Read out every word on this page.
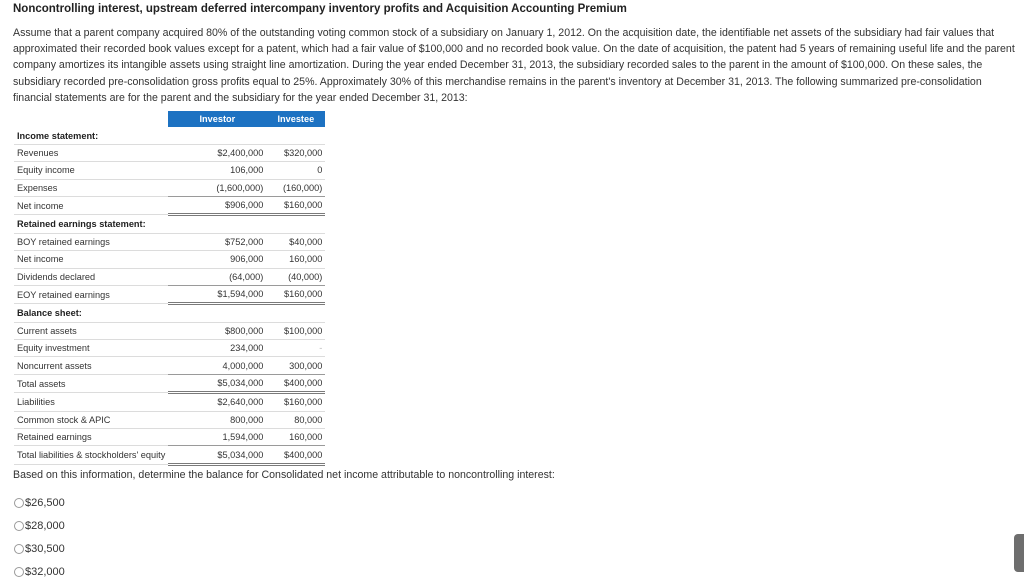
Noncontrolling interest, upstream deferred intercompany inventory profits and Acquisition Accounting Premium

Assume that a parent company acquired 80% of the outstanding voting common stock of a subsidiary on January 1, 2012. On the acquisition date, the identifiable net assets of the subsidiary had fair values that approximated their recorded book values except for a patent, which had a fair value of $100,000 and no recorded book value. On the date of acquisition, the patent had 5 years of remaining useful life and the parent company amortizes its intangible assets using straight line amortization. During the year ended December 31, 2013, the subsidiary recorded sales to the parent in the amount of $100,000. On these sales, the subsidiary recorded pre-consolidation gross profits equal to 25%. Approximately 30% of this merchandise remains in the parent's inventory at December 31, 2013. The following summarized pre-consolidation financial statements are for the parent and the subsidiary for the year ended December 31, 2013:

	Investor	Investee
Income statement:		
Revenues	$2,400,000	$320,000
Equity income	106,000	0
Expenses	(1,600,000)	(160,000)
Net income	$906,000	$160,000
Retained earnings statement:		
BOY retained earnings	$752,000	$40,000
Net income	906,000	160,000
Dividends declared	(64,000)	(40,000)
EOY retained earnings	$1,594,000	$160,000
Balance sheet:		
Current assets	$800,000	$100,000
Equity investment	234,000	-
Noncurrent assets	4,000,000	300,000
Total assets	$5,034,000	$400,000
Liabilities	$2,640,000	$160,000
Common stock & APIC	800,000	80,000
Retained earnings	1,594,000	160,000
Total liabilities & stockholders' equity	$5,034,000	$400,000
Based on this information, determine the balance for Consolidated net income attributable to noncontrolling interest:
$26,500
$28,000
$30,500
$32,000
